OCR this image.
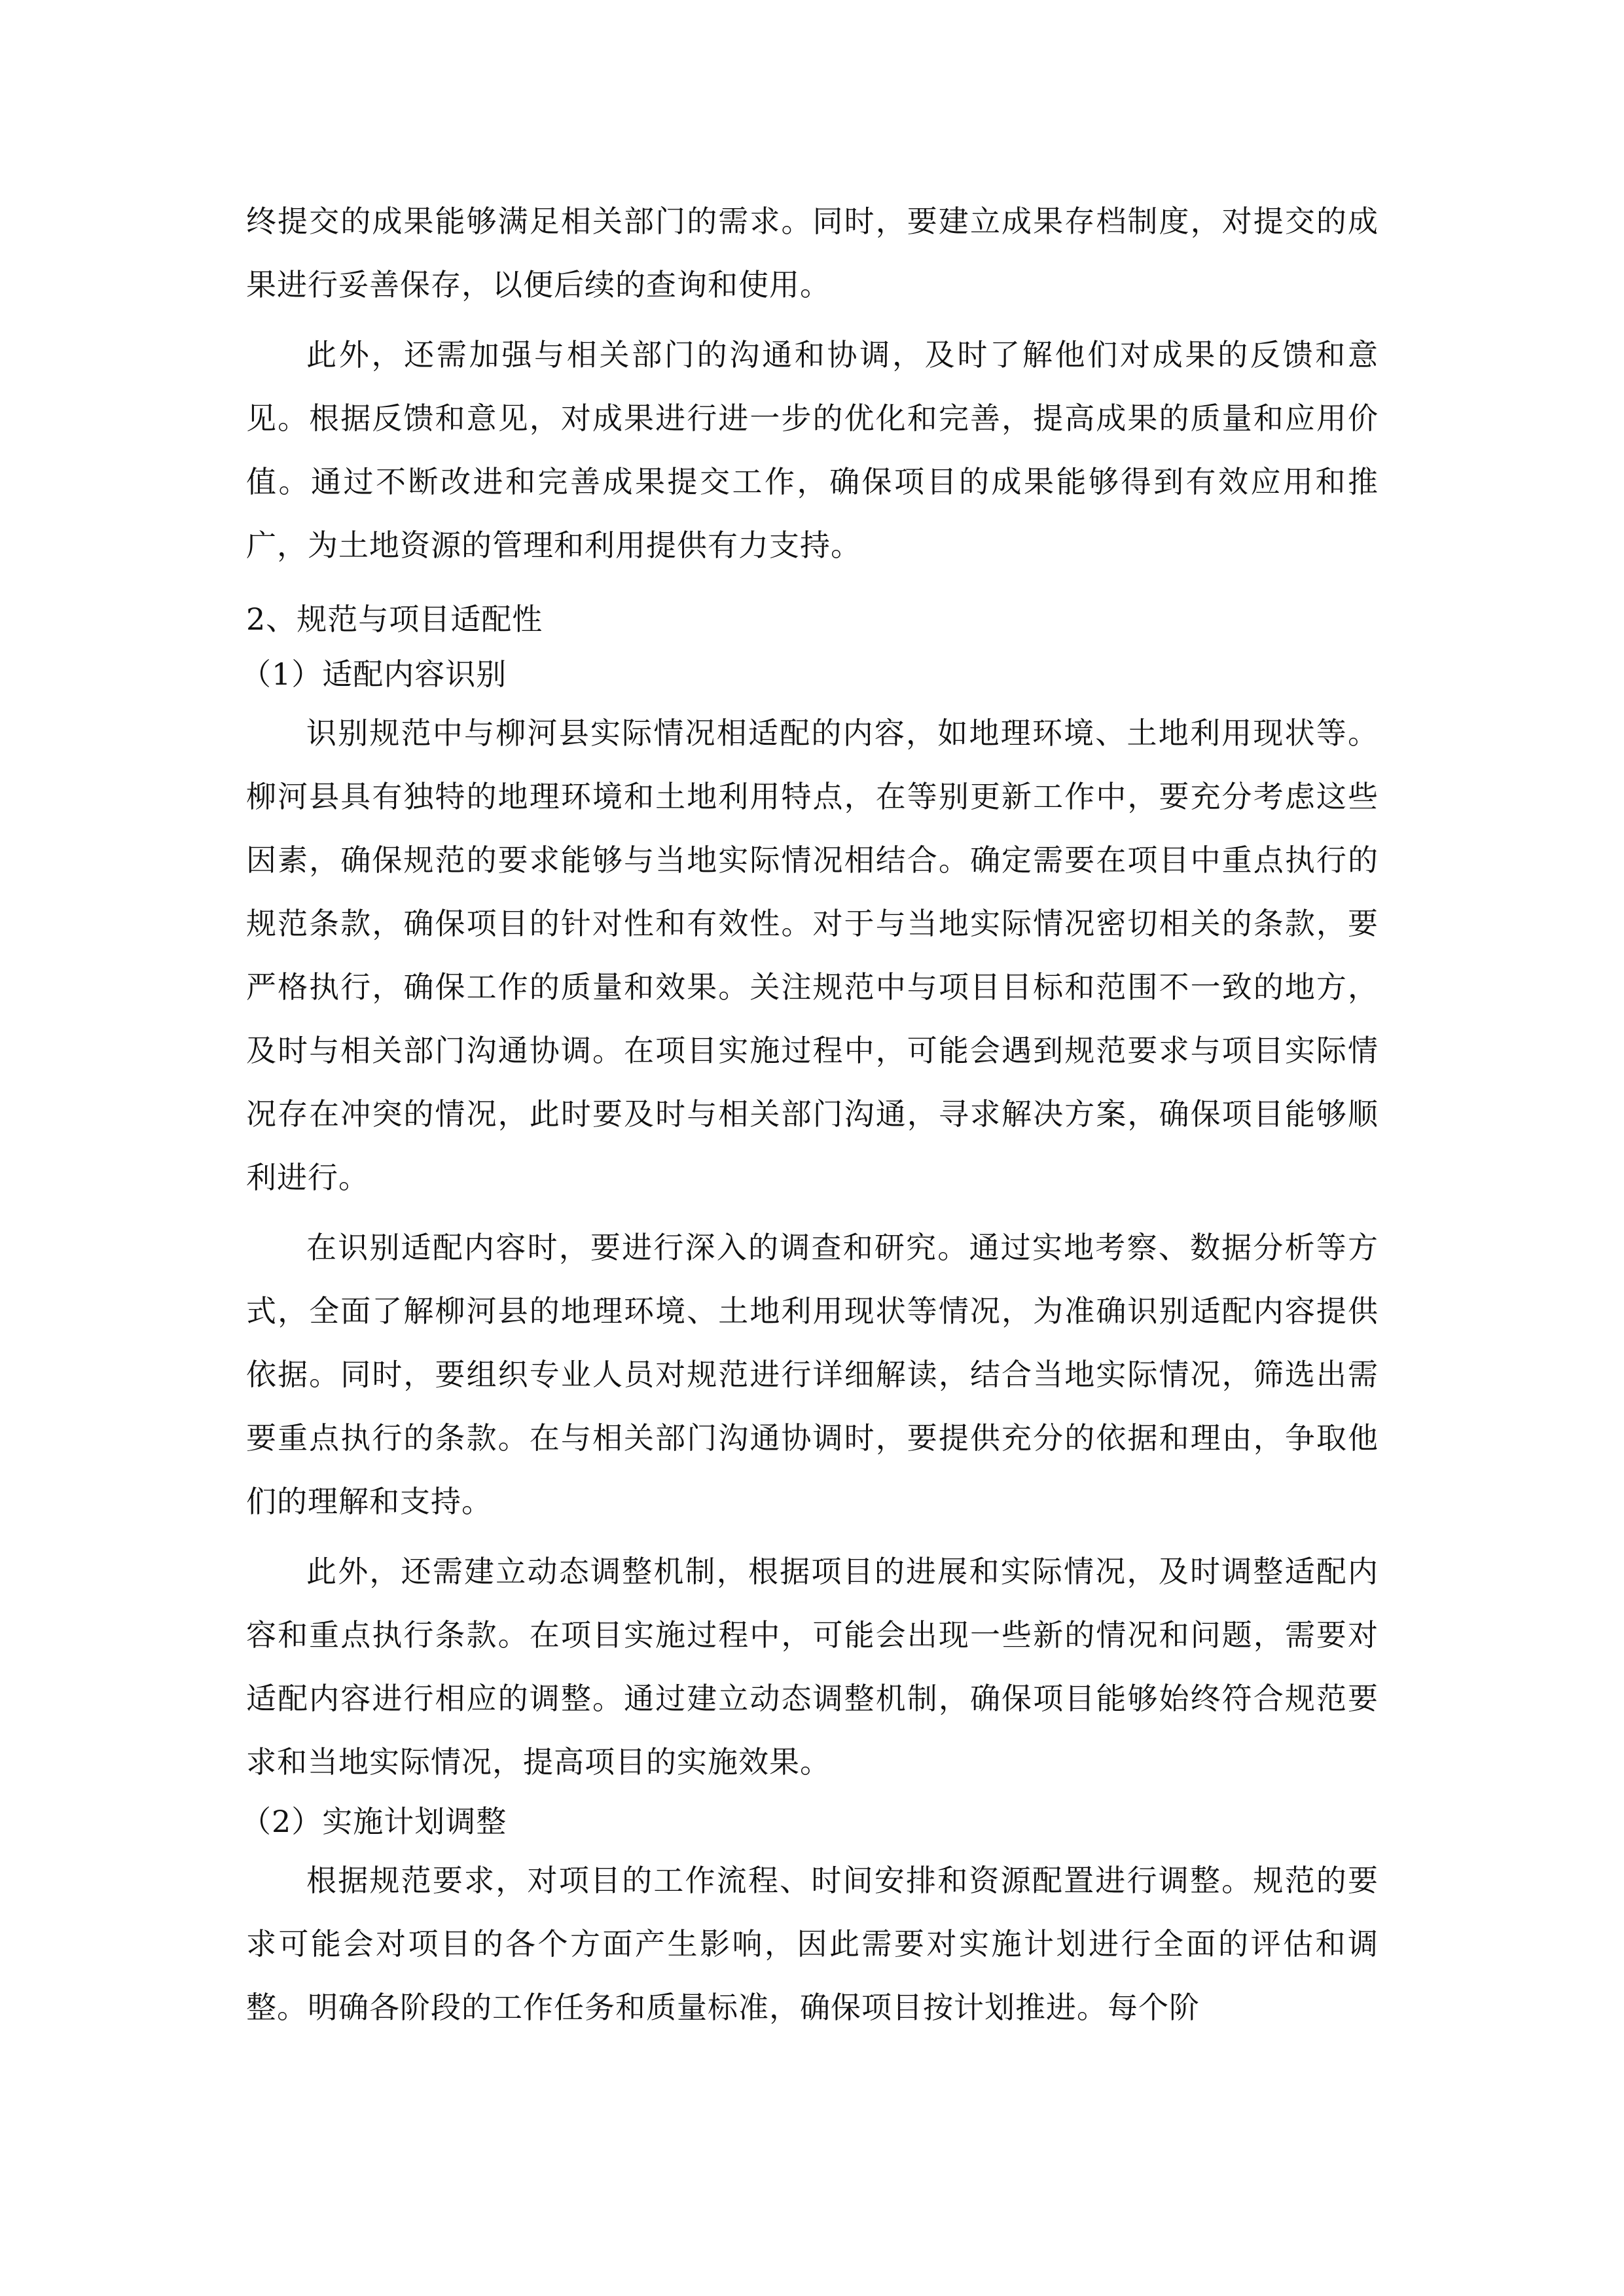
终提交的成果能够满足相关部门的需求。同时，要建立成果存档制度，对提交的成果进行妥善保存，以便后续的查询和使用。

此外，还需加强与相关部门的沟通和协调，及时了解他们对成果的反馈和意见。根据反馈和意见，对成果进行进一步的优化和完善，提高成果的质量和应用价值。通过不断改进和完善成果提交工作，确保项目的成果能够得到有效应用和推广，为土地资源的管理和利用提供有力支持。

2、规范与项目适配性

（1）适配内容识别

识别规范中与柳河县实际情况相适配的内容，如地理环境、土地利用现状等。柳河县具有独特的地理环境和土地利用特点，在等别更新工作中，要充分考虑这些因素，确保规范的要求能够与当地实际情况相结合。确定需要在项目中重点执行的规范条款，确保项目的针对性和有效性。对于与当地实际情况密切相关的条款，要严格执行，确保工作的质量和效果。关注规范中与项目目标和范围不一致的地方，及时与相关部门沟通协调。在项目实施过程中，可能会遇到规范要求与项目实际情况存在冲突的情况，此时要及时与相关部门沟通，寻求解决方案，确保项目能够顺利进行。

在识别适配内容时，要进行深入的调查和研究。通过实地考察、数据分析等方式，全面了解柳河县的地理环境、土地利用现状等情况，为准确识别适配内容提供依据。同时，要组织专业人员对规范进行详细解读，结合当地实际情况，筛选出需要重点执行的条款。在与相关部门沟通协调时，要提供充分的依据和理由，争取他们的理解和支持。

此外，还需建立动态调整机制，根据项目的进展和实际情况，及时调整适配内容和重点执行条款。在项目实施过程中，可能会出现一些新的情况和问题，需要对适配内容进行相应的调整。通过建立动态调整机制，确保项目能够始终符合规范要求和当地实际情况，提高项目的实施效果。

（2）实施计划调整

根据规范要求，对项目的工作流程、时间安排和资源配置进行调整。规范的要求可能会对项目的各个方面产生影响，因此需要对实施计划进行全面的评估和调整。明确各阶段的工作任务和质量标准，确保项目按计划推进。每个阶
